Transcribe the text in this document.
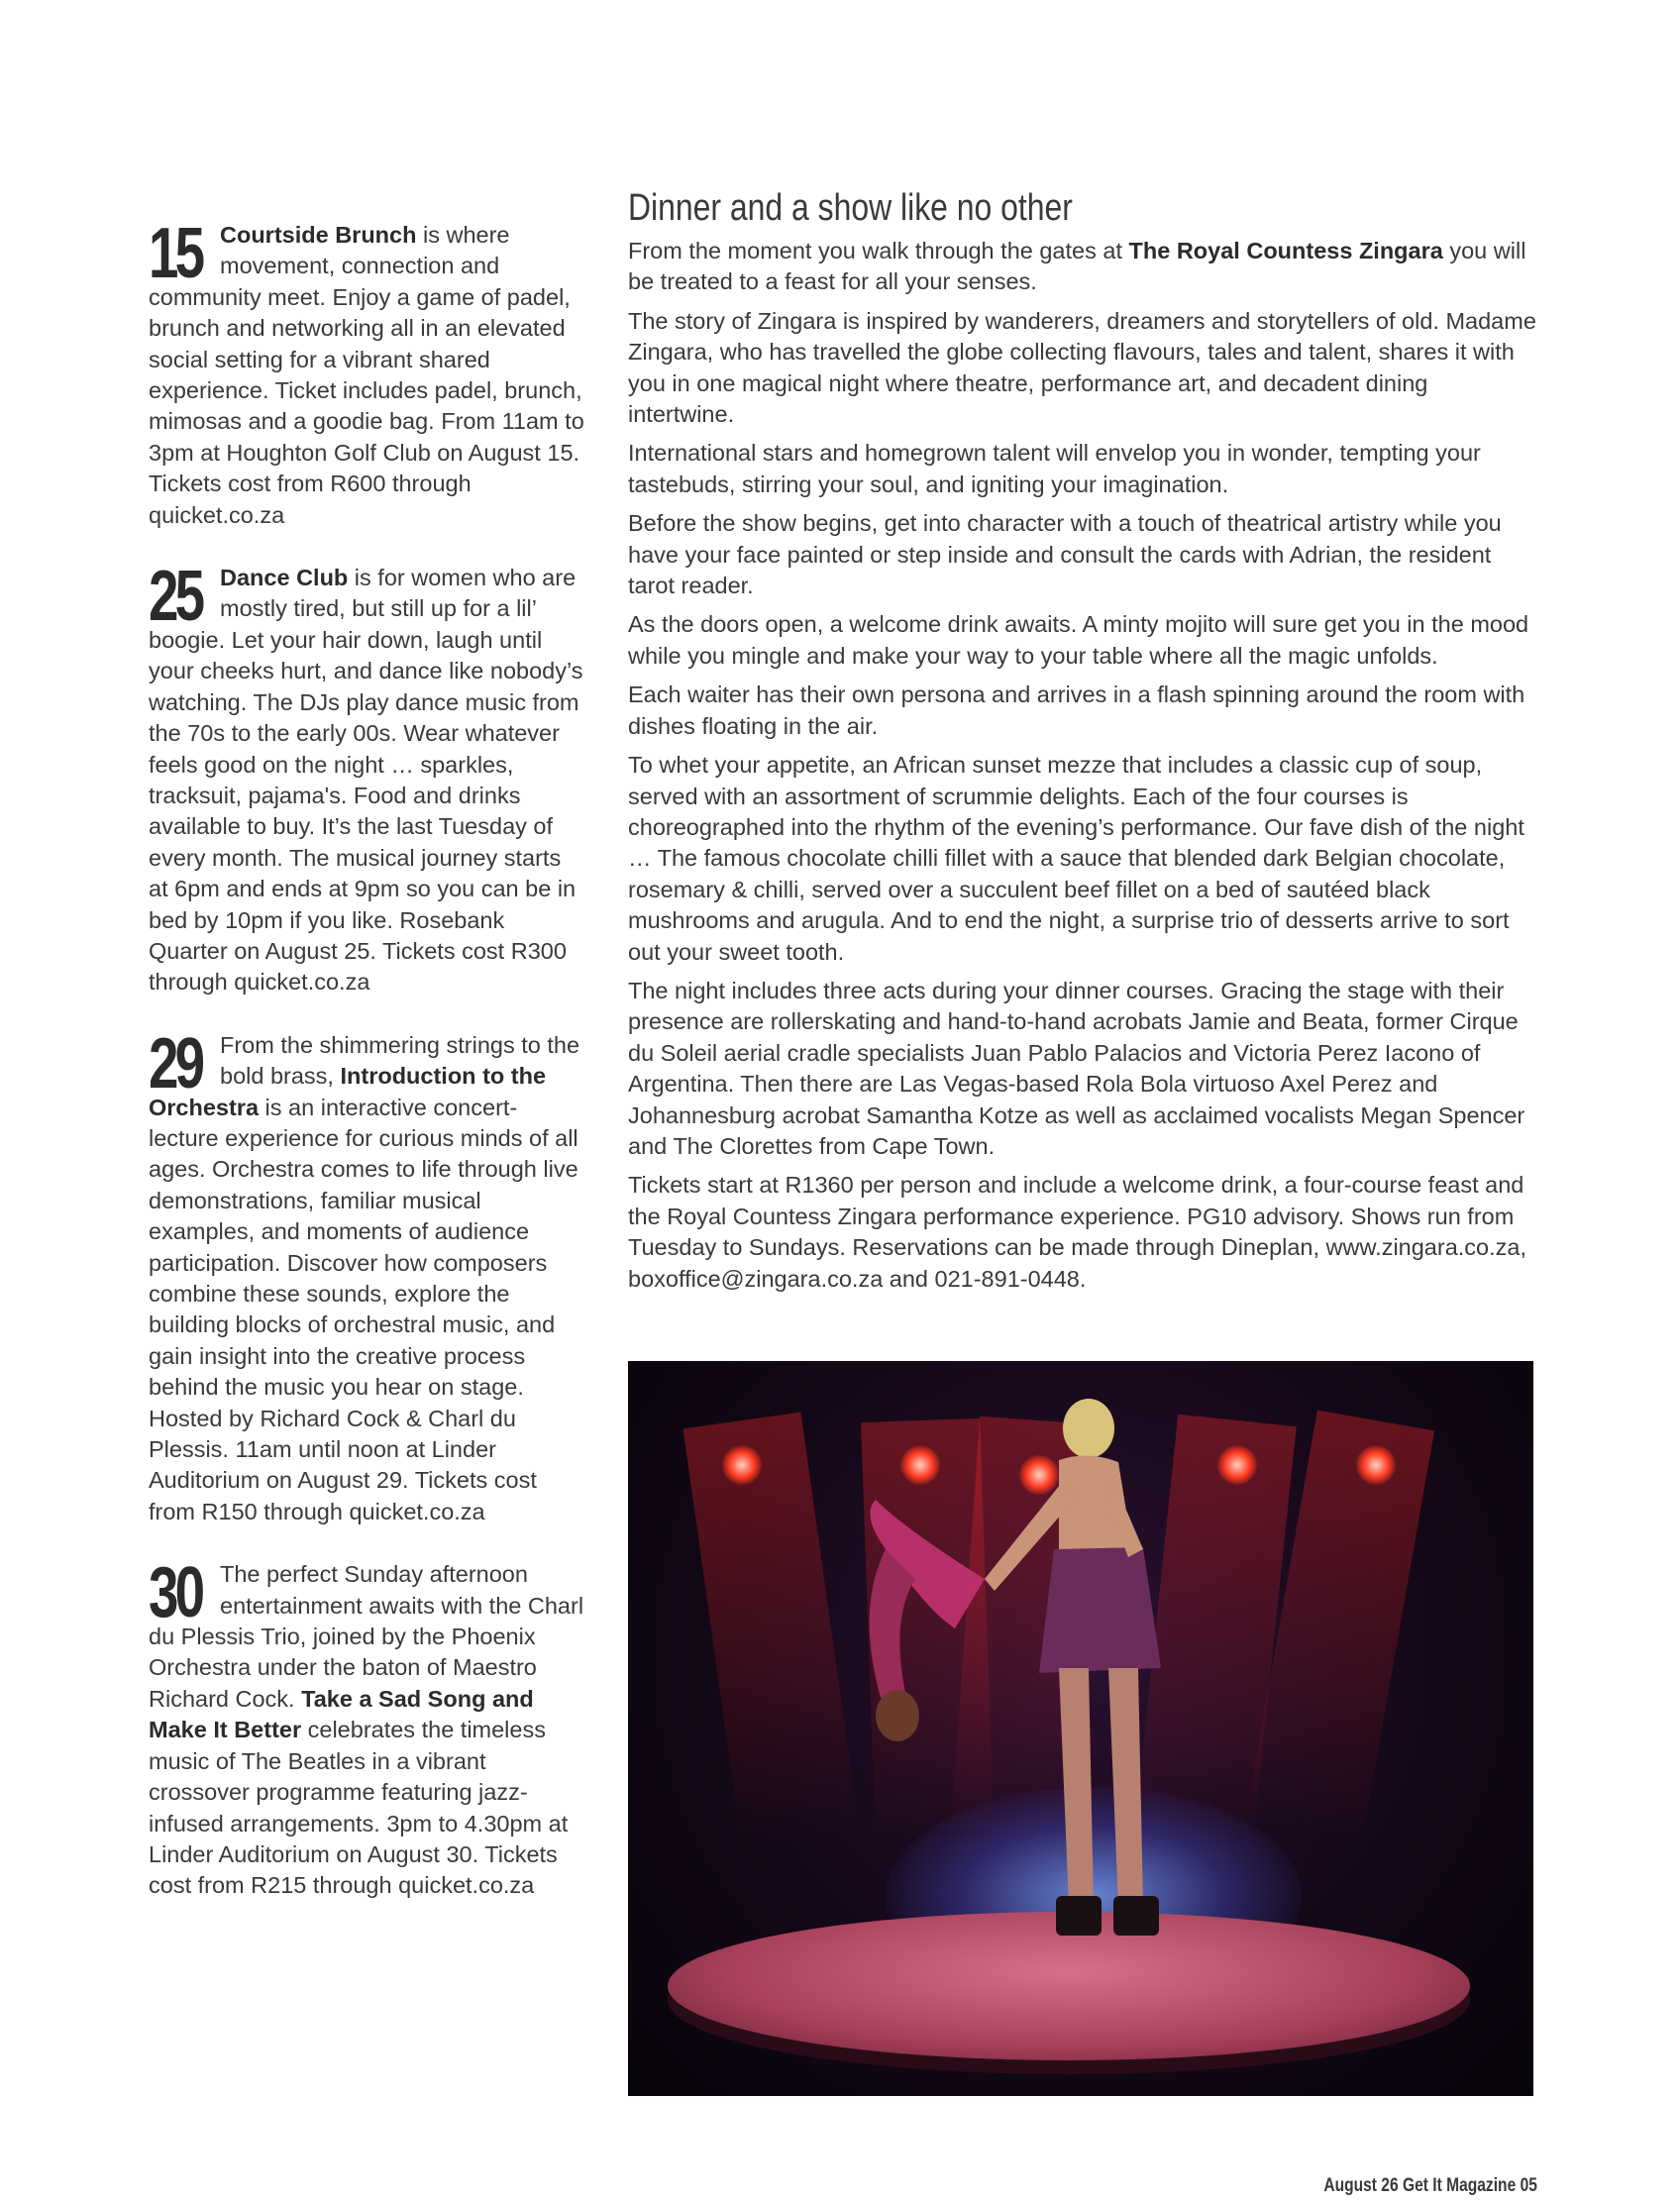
15 Courtside Brunch is where movement, connection and community meet. Enjoy a game of padel, brunch and networking all in an elevated social setting for a vibrant shared experience. Ticket includes padel, brunch, mimosas and a goodie bag. From 11am to 3pm at Houghton Golf Club on August 15. Tickets cost from R600 through quicket.co.za
25 Dance Club is for women who are mostly tired, but still up for a lil’ boogie. Let your hair down, laugh until your cheeks hurt, and dance like nobody’s watching. The DJs play dance music from the 70s to the early 00s. Wear whatever feels good on the night … sparkles, tracksuit, pajama's. Food and drinks available to buy. It’s the last Tuesday of every month. The musical journey starts at 6pm and ends at 9pm so you can be in bed by 10pm if you like. Rosebank Quarter on August 25. Tickets cost R300 through quicket.co.za
29 From the shimmering strings to the bold brass, Introduction to the Orchestra is an interactive concert-lecture experience for curious minds of all ages. Orchestra comes to life through live demonstrations, familiar musical examples, and moments of audience participation. Discover how composers combine these sounds, explore the building blocks of orchestral music, and gain insight into the creative process behind the music you hear on stage. Hosted by Richard Cock & Charl du Plessis. 11am until noon at Linder Auditorium on August 29. Tickets cost from R150 through quicket.co.za
30 The perfect Sunday afternoon entertainment awaits with the Charl du Plessis Trio, joined by the Phoenix Orchestra under the baton of Maestro Richard Cock. Take a Sad Song and Make It Better celebrates the timeless music of The Beatles in a vibrant crossover programme featuring jazz-infused arrangements. 3pm to 4.30pm at Linder Auditorium on August 30. Tickets cost from R215 through quicket.co.za
Dinner and a show like no other

From the moment you walk through the gates at The Royal Countess Zingara you will be treated to a feast for all your senses.

The story of Zingara is inspired by wanderers, dreamers and storytellers of old. Madame Zingara, who has travelled the globe collecting flavours, tales and talent, shares it with you in one magical night where theatre, performance art, and decadent dining intertwine.

International stars and homegrown talent will envelop you in wonder, tempting your tastebuds, stirring your soul, and igniting your imagination.

Before the show begins, get into character with a touch of theatrical artistry while you have your face painted or step inside and consult the cards with Adrian, the resident tarot reader.

As the doors open, a welcome drink awaits. A minty mojito will sure get you in the mood while you mingle and make your way to your table where all the magic unfolds.

Each waiter has their own persona and arrives in a flash spinning around the room with dishes floating in the air.

To whet your appetite, an African sunset mezze that includes a classic cup of soup, served with an assortment of scrummie delights. Each of the four courses is choreographed into the rhythm of the evening’s performance. Our fave dish of the night … The famous chocolate chilli fillet with a sauce that blended dark Belgian chocolate, rosemary & chilli, served over a succulent beef fillet on a bed of sautéed black mushrooms and arugula. And to end the night, a surprise trio of desserts arrive to sort out your sweet tooth.

The night includes three acts during your dinner courses. Gracing the stage with their presence are rollerskating and hand-to-hand acrobats Jamie and Beata, former Cirque du Soleil aerial cradle specialists Juan Pablo Palacios and Victoria Perez Iacono of Argentina. Then there are Las Vegas-based Rola Bola virtuoso Axel Perez and Johannesburg acrobat Samantha Kotze as well as acclaimed vocalists Megan Spencer and The Clorettes from Cape Town.

Tickets start at R1360 per person and include a welcome drink, a four-course feast and the Royal Countess Zingara performance experience. PG10 advisory. Shows run from Tuesday to Sundays. Reservations can be made through Dineplan, www.zingara.co.za, boxoffice@zingara.co.za and 021-891-0448.

August 26 Get It Magazine 05
